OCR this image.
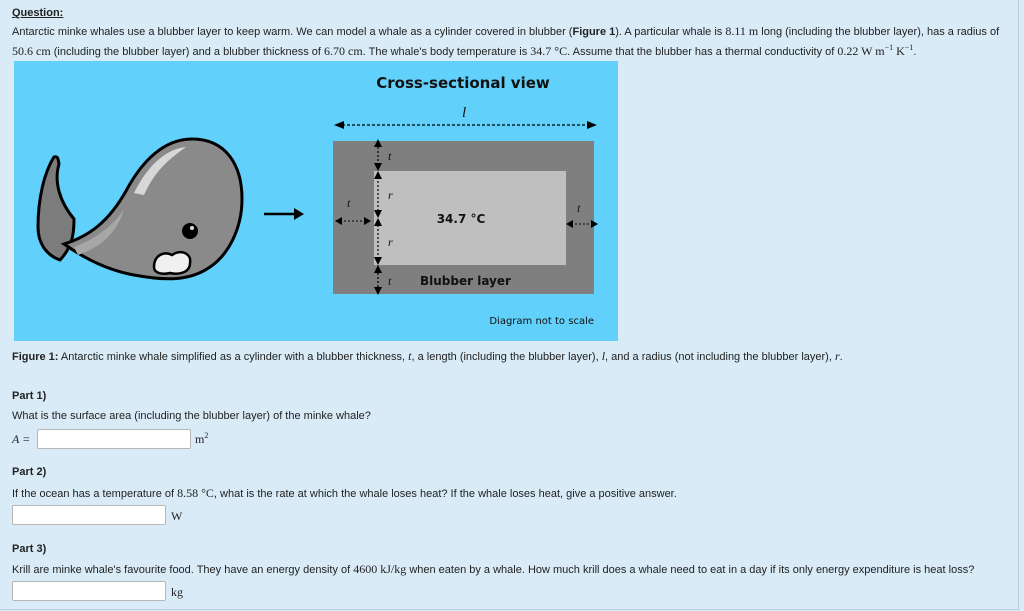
Question:
Antarctic minke whales use a blubber layer to keep warm. We can model a whale as a cylinder covered in blubber (Figure 1). A particular whale is 8.11 m long (including the blubber layer), has a radius of
50.6 cm (including the blubber layer) and a blubber thickness of 6.70 cm. The whale's body temperature is 34.7 °C. Assume that the blubber has a thermal conductivity of 0.22 W $m^{-1}$ $K^{-1}$.
Cross-sectional view
l
34.7 °C
Blubber layer
t
r
r
t
t	t
Diagram not to scale
Figure 1: Antarctic minke whale simplified as a cylinder with a blubber thickness, t, a length (including the blubber layer), l, and a radius (not including the blubber layer), r.
Part 1)
What is the surface area (including the blubber layer) of the minke whale?
A =	$m^2$
Part 2)
If the ocean has a temperature of 8.58 °C, what is the rate at which the whale loses heat? If the whale loses heat, give a positive answer.
W
Part 3)
Krill are minke whale's favourite food. They have an energy density of 4600 kJ/kg when eaten by a whale. How much krill does a whale need to eat in a day if its only energy expenditure is heat loss?
kg
